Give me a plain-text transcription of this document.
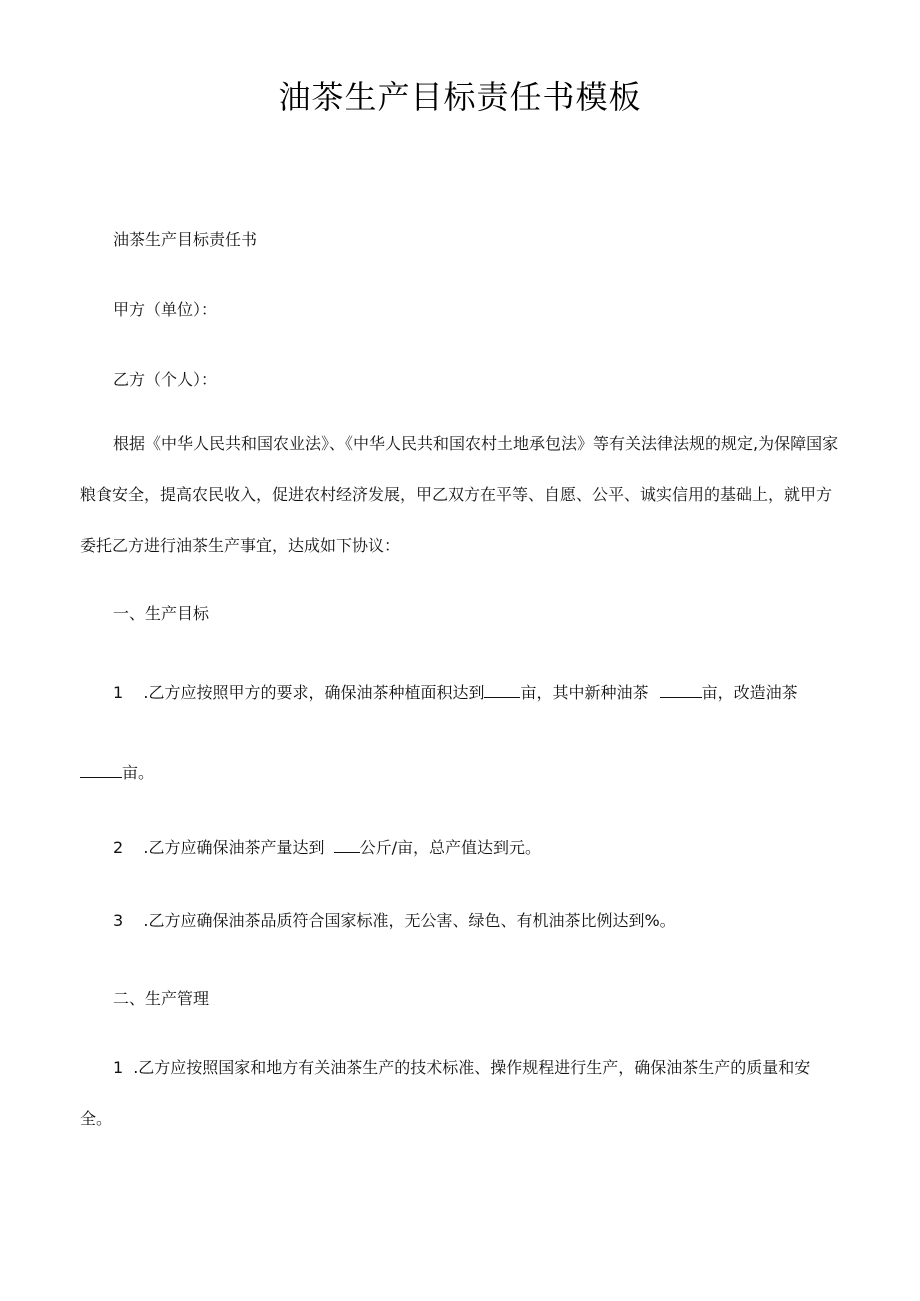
油茶生产目标责任书模板
油茶生产目标责任书
甲方（单位）：
乙方（个人）：
根据《中华人民共和国农业法》、《中华人民共和国农村土地承包法》等有关法律法规的规定,为保障国家粮食安全，提高农民收入，促进农村经济发展，甲乙双方在平等、自愿、公平、诚实信用的基础上，就甲方委托乙方进行油茶生产事宜，达成如下协议：
一、生产目标
1 .乙方应按照甲方的要求，确保油茶种植面积达到 亩，其中新种油茶	亩，改造油茶
亩。
2 .乙方应确保油茶产量达到 公斤/亩，总产值达到元。
3 .乙方应确保油茶品质符合国家标准，无公害、绿色、有机油茶比例达到%。
二、生产管理
1 .乙方应按照国家和地方有关油茶生产的技术标准、操作规程进行生产，确保油茶生产的质量和安全。
